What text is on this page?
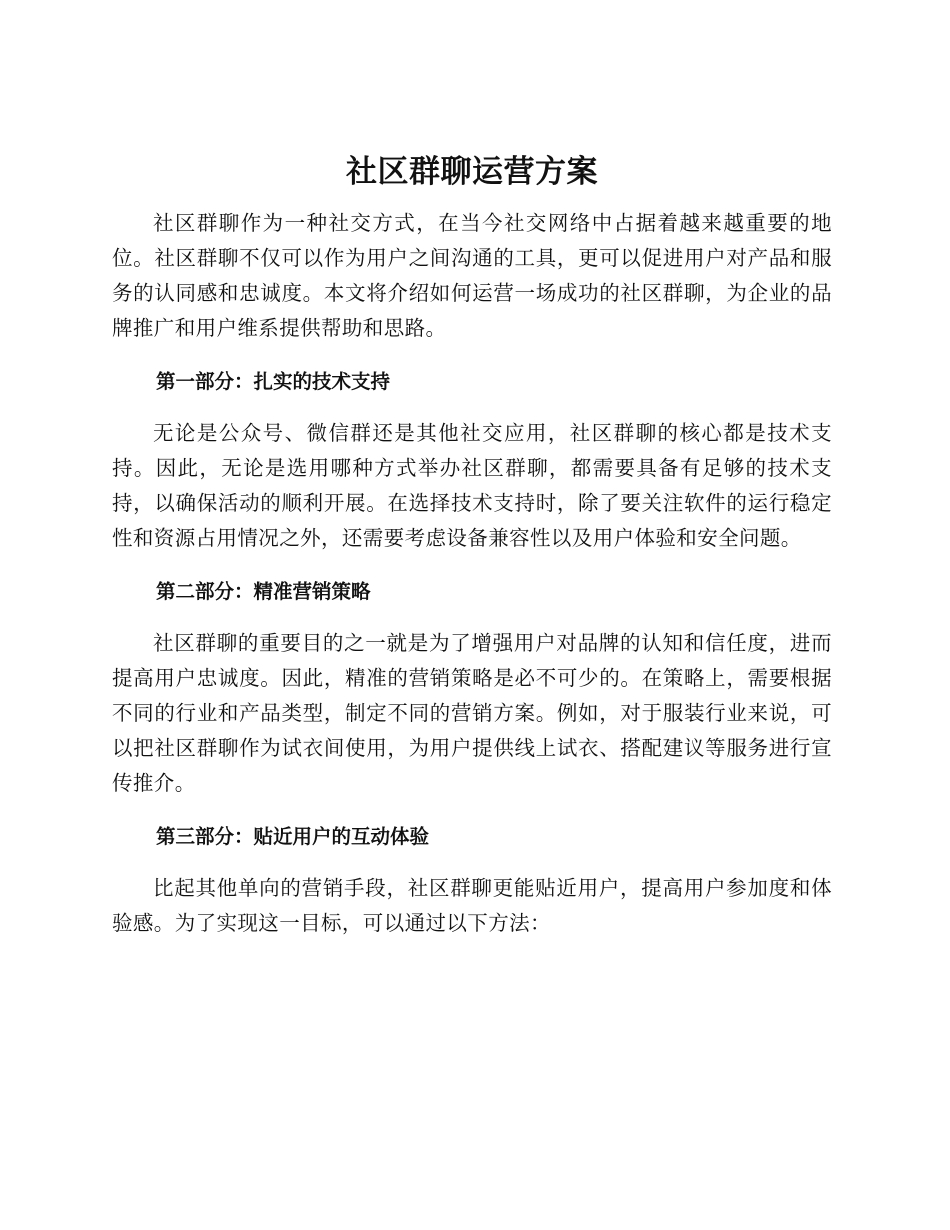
社区群聊运营方案

社区群聊作为一种社交方式，在当今社交网络中占据着越来越重要的地位。社区群聊不仅可以作为用户之间沟通的工具，更可以促进用户对产品和服务的认同感和忠诚度。本文将介绍如何运营一场成功的社区群聊，为企业的品牌推广和用户维系提供帮助和思路。

第一部分：扎实的技术支持

无论是公众号、微信群还是其他社交应用，社区群聊的核心都是技术支持。因此，无论是选用哪种方式举办社区群聊，都需要具备有足够的技术支持，以确保活动的顺利开展。在选择技术支持时，除了要关注软件的运行稳定性和资源占用情况之外，还需要考虑设备兼容性以及用户体验和安全问题。

第二部分：精准营销策略

社区群聊的重要目的之一就是为了增强用户对品牌的认知和信任度，进而提高用户忠诚度。因此，精准的营销策略是必不可少的。在策略上，需要根据不同的行业和产品类型，制定不同的营销方案。例如，对于服装行业来说，可以把社区群聊作为试衣间使用，为用户提供线上试衣、搭配建议等服务进行宣传推介。

第三部分：贴近用户的互动体验

比起其他单向的营销手段，社区群聊更能贴近用户，提高用户参加度和体验感。为了实现这一目标，可以通过以下方法：
